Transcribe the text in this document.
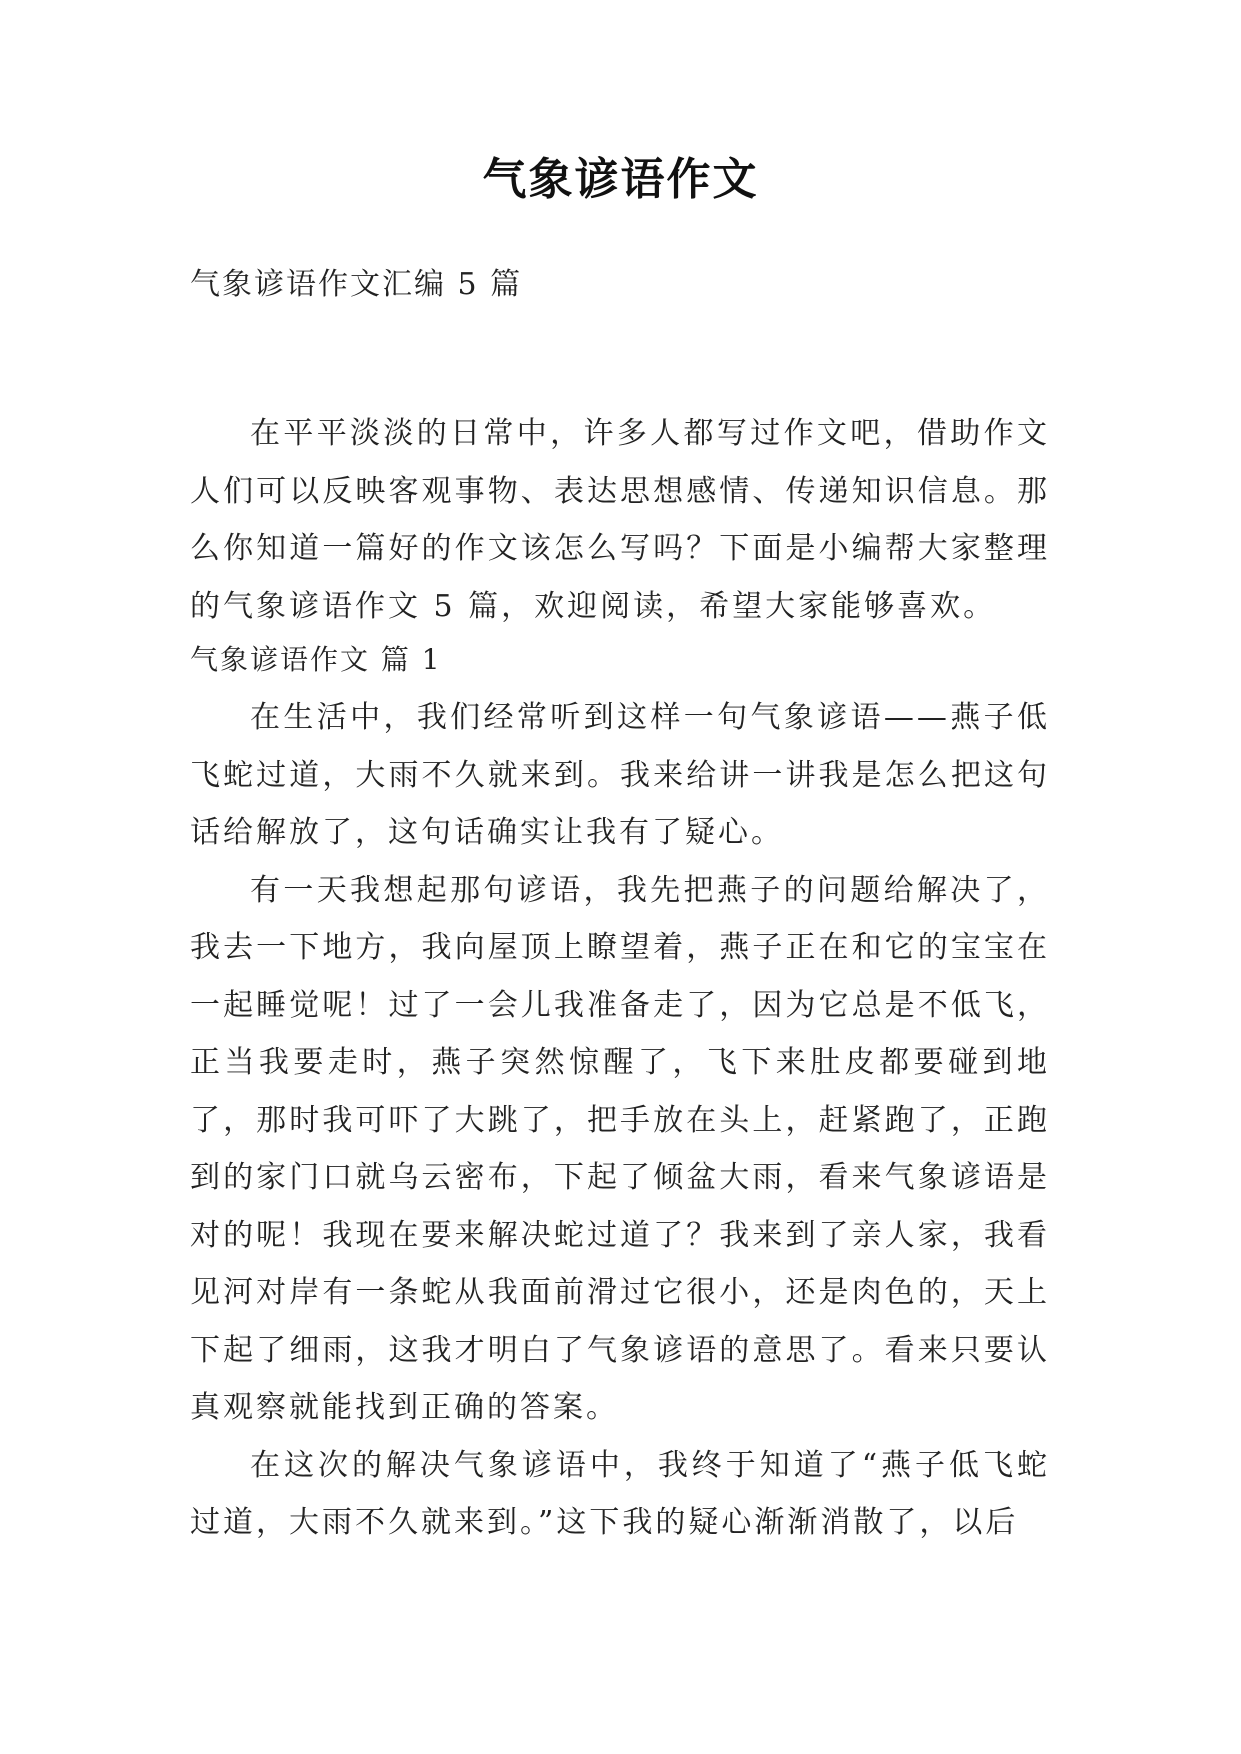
气象谚语作文
气象谚语作文汇编 5 篇

在平平淡淡的日常中，许多人都写过作文吧，借助作文人们可以反映客观事物、表达思想感情、传递知识信息。那么你知道一篇好的作文该怎么写吗？下面是小编帮大家整理的气象谚语作文 5 篇，欢迎阅读，希望大家能够喜欢。

气象谚语作文 篇 1

在生活中，我们经常听到这样一句气象谚语——燕子低飞蛇过道，大雨不久就来到。我来给讲一讲我是怎么把这句话给解放了，这句话确实让我有了疑心。

有一天我想起那句谚语，我先把燕子的问题给解决了，我去一下地方，我向屋顶上瞭望着，燕子正在和它的宝宝在一起睡觉呢！过了一会儿我准备走了，因为它总是不低飞，正当我要走时，燕子突然惊醒了，飞下来肚皮都要碰到地了，那时我可吓了大跳了，把手放在头上，赶紧跑了，正跑到的家门口就乌云密布，下起了倾盆大雨，看来气象谚语是对的呢！我现在要来解决蛇过道了？我来到了亲人家，我看见河对岸有一条蛇从我面前滑过它很小，还是肉色的，天上下起了细雨，这我才明白了气象谚语的意思了。看来只要认真观察就能找到正确的答案。

在这次的解决气象谚语中，我终于知道了“燕子低飞蛇过道，大雨不久就来到。”这下我的疑心渐渐消散了，以后
